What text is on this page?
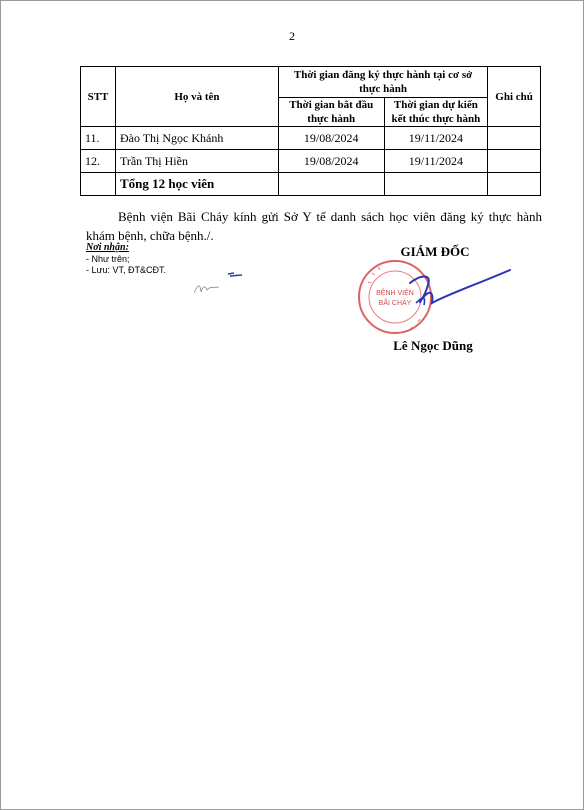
2
STT	Họ và tên	Thời gian đăng ký thực hành tại cơ sở thực hành		Ghi chú
		Thời gian bắt đầu thực hành	Thời gian dự kiến kết thúc thực hành	
11.	Đào Thị Ngọc Khánh	19/08/2024	19/11/2024	
12.	Trần Thị Hiền	19/08/2024	19/11/2024	
	Tổng 12 học viên			

Bệnh viện Bãi Cháy kính gửi Sở Y tế danh sách học viên đăng ký thực hành khám bệnh, chữa bệnh./.

Nơi nhận:

- Như trên;

- Lưu: VT, ĐT&CĐT.

GIÁM ĐỐC
BỆNH VIỆN
BÃI CHÁY
Lê Ngọc Dũng
